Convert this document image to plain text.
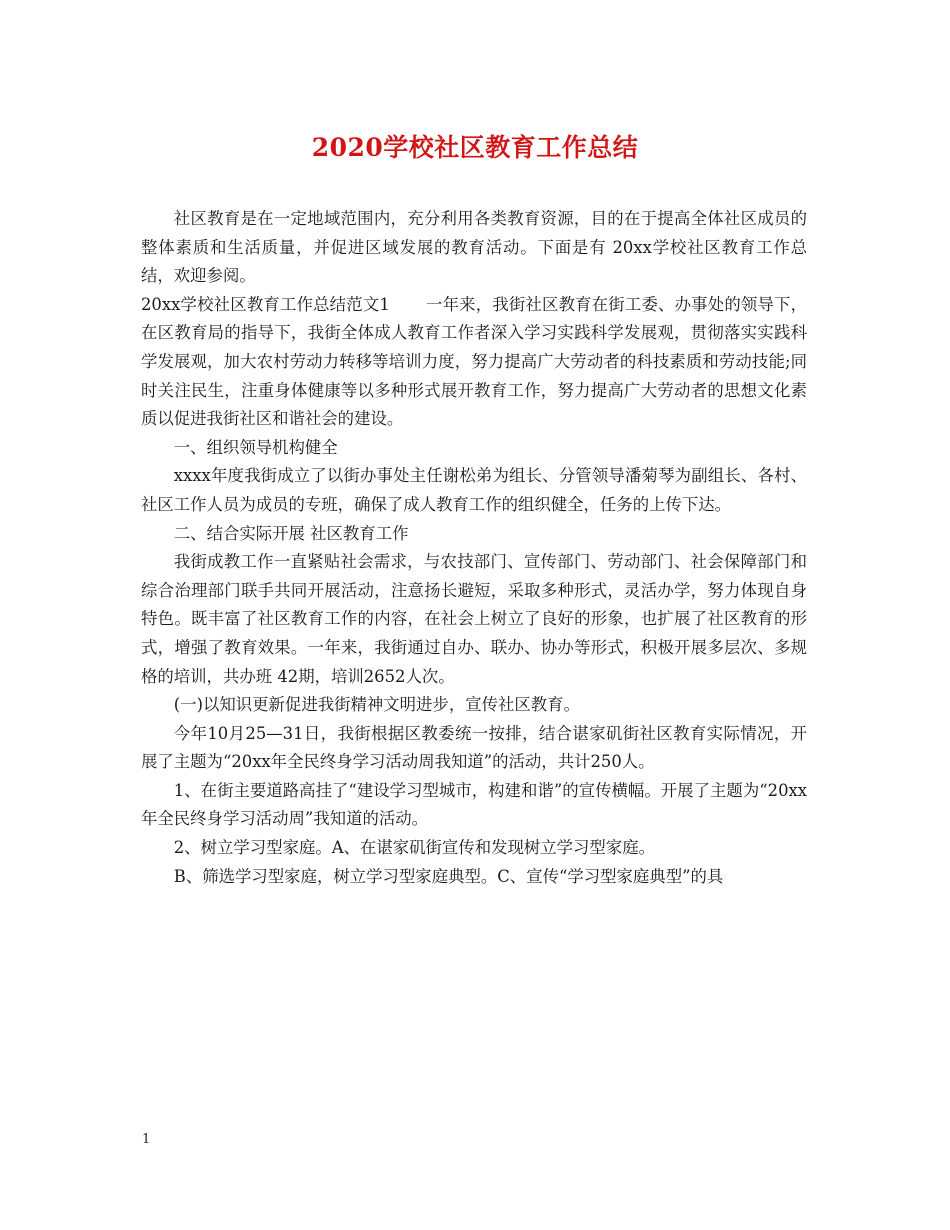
2020学校社区教育工作总结

社区教育是在一定地域范围内，充分利用各类教育资源，目的在于提高全体社区成员的整体素质和生活质量，并促进区域发展的教育活动。下面是有 20xx学校社区教育工作总结，欢迎参阅。

20xx学校社区教育工作总结范文1 一年来，我街社区教育在街工委、办事处的领导下，在区教育局的指导下，我街全体成人教育工作者深入学习实践科学发展观，贯彻落实实践科学发展观，加大农村劳动力转移等培训力度，努力提高广大劳动者的科技素质和劳动技能;同时关注民生，注重身体健康等以多种形式展开教育工作，努力提高广大劳动者的思想文化素质以促进我街社区和谐社会的建设。

一、组织领导机构健全

xxxx年度我街成立了以街办事处主任谢松弟为组长、分管领导潘菊琴为副组长、各村、社区工作人员为成员的专班，确保了成人教育工作的组织健全，任务的上传下达。

二、结合实际开展 社区教育工作

我街成教工作一直紧贴社会需求，与农技部门、宣传部门、劳动部门、社会保障部门和综合治理部门联手共同开展活动，注意扬长避短，采取多种形式，灵活办学，努力体现自身特色。既丰富了社区教育工作的内容，在社会上树立了良好的形象，也扩展了社区教育的形式，增强了教育效果。一年来，我街通过自办、联办、协办等形式，积极开展多层次、多规格的培训，共办班 42期，培训2652人次。

(一)以知识更新促进我街精神文明进步，宣传社区教育。

今年10月25—31日，我街根据区教委统一按排，结合谌家矶街社区教育实际情况，开展了主题为“20xx年全民终身学习活动周我知道”的活动，共计250人。

1、在街主要道路高挂了“建设学习型城市，构建和谐”的宣传横幅。开展了主题为“20xx年全民终身学习活动周”我知道的活动。

2、树立学习型家庭。A、在谌家矶街宣传和发现树立学习型家庭。

B、筛选学习型家庭，树立学习型家庭典型。C、宣传“学习型家庭典型”的具

1
